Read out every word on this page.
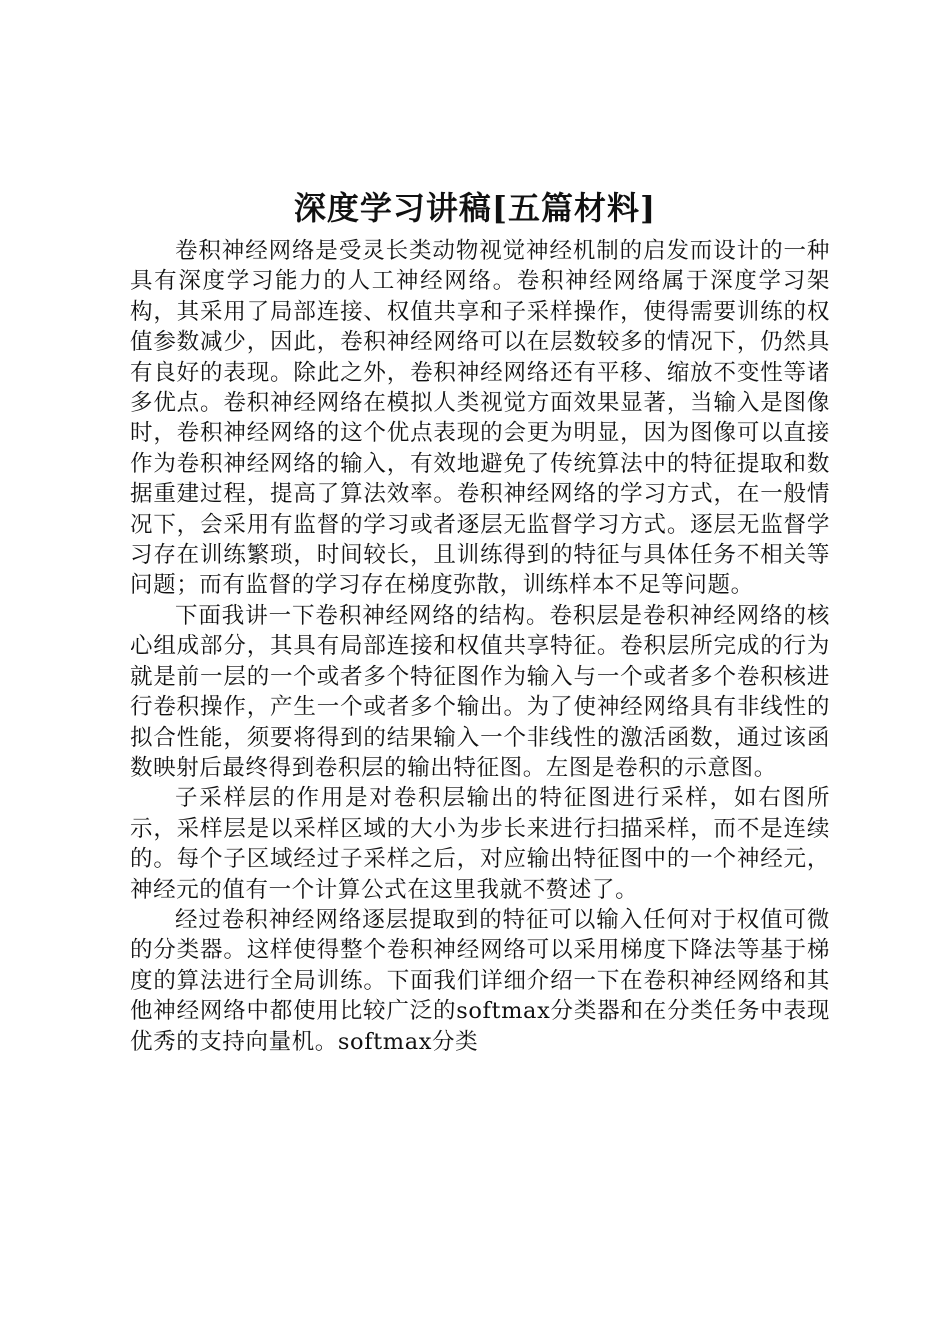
深度学习讲稿[五篇材料]

卷积神经网络是受灵长类动物视觉神经机制的启发而设计的一种具有深度学习能力的人工神经网络。卷积神经网络属于深度学习架构，其采用了局部连接、权值共享和子采样操作，使得需要训练的权值参数减少，因此，卷积神经网络可以在层数较多的情况下，仍然具有良好的表现。除此之外，卷积神经网络还有平移、缩放不变性等诸多优点。卷积神经网络在模拟人类视觉方面效果显著，当输入是图像时，卷积神经网络的这个优点表现的会更为明显，因为图像可以直接作为卷积神经网络的输入，有效地避免了传统算法中的特征提取和数据重建过程，提高了算法效率。卷积神经网络的学习方式，在一般情况下，会采用有监督的学习或者逐层无监督学习方式。逐层无监督学习存在训练繁琐，时间较长，且训练得到的特征与具体任务不相关等问题；而有监督的学习存在梯度弥散，训练样本不足等问题。

下面我讲一下卷积神经网络的结构。卷积层是卷积神经网络的核心组成部分，其具有局部连接和权值共享特征。卷积层所完成的行为就是前一层的一个或者多个特征图作为输入与一个或者多个卷积核进行卷积操作，产生一个或者多个输出。为了使神经网络具有非线性的拟合性能，须要将得到的结果输入一个非线性的激活函数，通过该函数映射后最终得到卷积层的输出特征图。左图是卷积的示意图。

子采样层的作用是对卷积层输出的特征图进行采样，如右图所示，采样层是以采样区域的大小为步长来进行扫描采样，而不是连续的。每个子区域经过子采样之后，对应输出特征图中的一个神经元，神经元的值有一个计算公式在这里我就不赘述了。

经过卷积神经网络逐层提取到的特征可以输入任何对于权值可微的分类器。这样使得整个卷积神经网络可以采用梯度下降法等基于梯度的算法进行全局训练。下面我们详细介绍一下在卷积神经网络和其他神经网络中都使用比较广泛的softmax分类器和在分类任务中表现优秀的支持向量机。softmax分类
